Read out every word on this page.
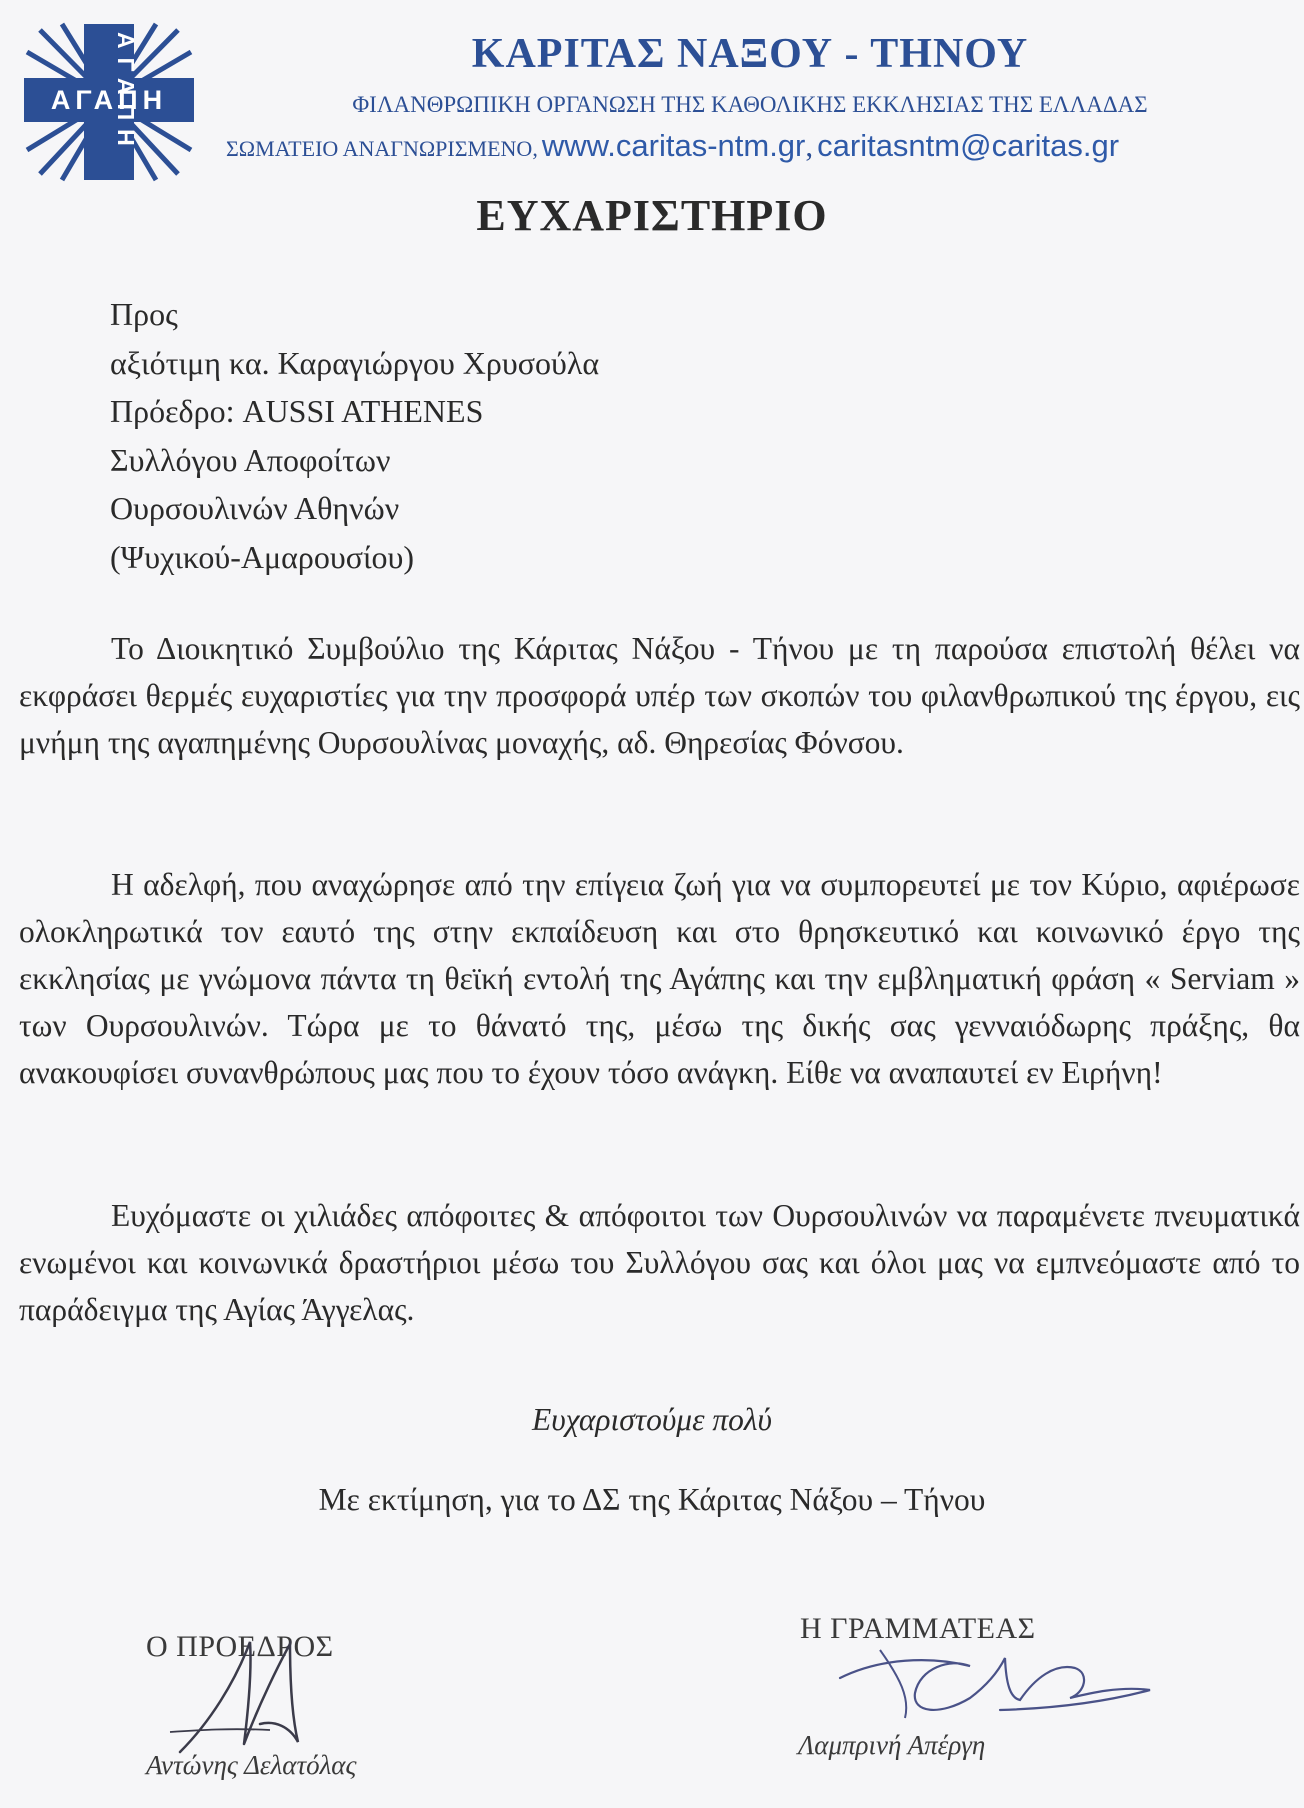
ΑΓΑΠΗ
ΑΓΑΠΗ	ΚΑΡΙΤΑΣ ΝΑΞΟΥ - ΤΗΝΟΥ
ΦΙΛΑΝΘΡΩΠΙΚΗ ΟΡΓΑΝΩΣΗ ΤΗΣ ΚΑΘΟΛΙΚΗΣ ΕΚΚΛΗΣΙΑΣ ΤΗΣ ΕΛΛΑΔΑΣ
ΣΩΜΑΤΕΙΟ ΑΝΑΓΝΩΡΙΣΜΕΝΟ, www.caritas-ntm.gr, caritasntm@caritas.gr
ΕΥΧΑΡΙΣΤΗΡΙΟ
Προς
αξιότιμη κα. Καραγιώργου Χρυσούλα
Πρόεδρο: AUSSI ATHENES
Συλλόγου Αποφοίτων
Ουρσουλινών Αθηνών
(Ψυχικού-Αμαρουσίου)
Το Διοικητικό Συμβούλιο της Κάριτας Νάξου - Τήνου με τη παρούσα επιστολή θέλει να εκφράσει θερμές ευχαριστίες για την προσφορά υπέρ των σκοπών του φιλανθρωπικού της έργου, εις μνήμη της αγαπημένης Ουρσουλίνας μοναχής, αδ. Θηρεσίας Φόνσου.
Η αδελφή, που αναχώρησε από την επίγεια ζωή για να συμπορευτεί με τον Κύριο, αφιέρωσε ολοκληρωτικά τον εαυτό της στην εκπαίδευση και στο θρησκευτικό και κοινωνικό έργο της εκκλησίας με γνώμονα πάντα τη θεϊκή εντολή της Αγάπης και την εμβληματική φράση « Serviam » των Ουρσουλινών. Τώρα με το θάνατό της, μέσω της δικής σας γενναιόδωρης πράξης, θα ανακουφίσει συνανθρώπους μας που το έχουν τόσο ανάγκη. Είθε να αναπαυτεί εν Ειρήνη!
Ευχόμαστε οι χιλιάδες απόφοιτες & απόφοιτοι των Ουρσουλινών να παραμένετε πνευματικά ενωμένοι και κοινωνικά δραστήριοι μέσω του Συλλόγου σας και όλοι μας να εμπνεόμαστε από το παράδειγμα της Αγίας Άγγελας.
Ευχαριστούμε πολύ
Με εκτίμηση, για το ΔΣ της Κάριτας Νάξου – Τήνου
Ο ΠΡΟΕΔΡΟΣ
Η ΓΡΑΜΜΑΤΕΑΣ
Αντώνης Δελατόλας
Λαμπρινή Απέργη
